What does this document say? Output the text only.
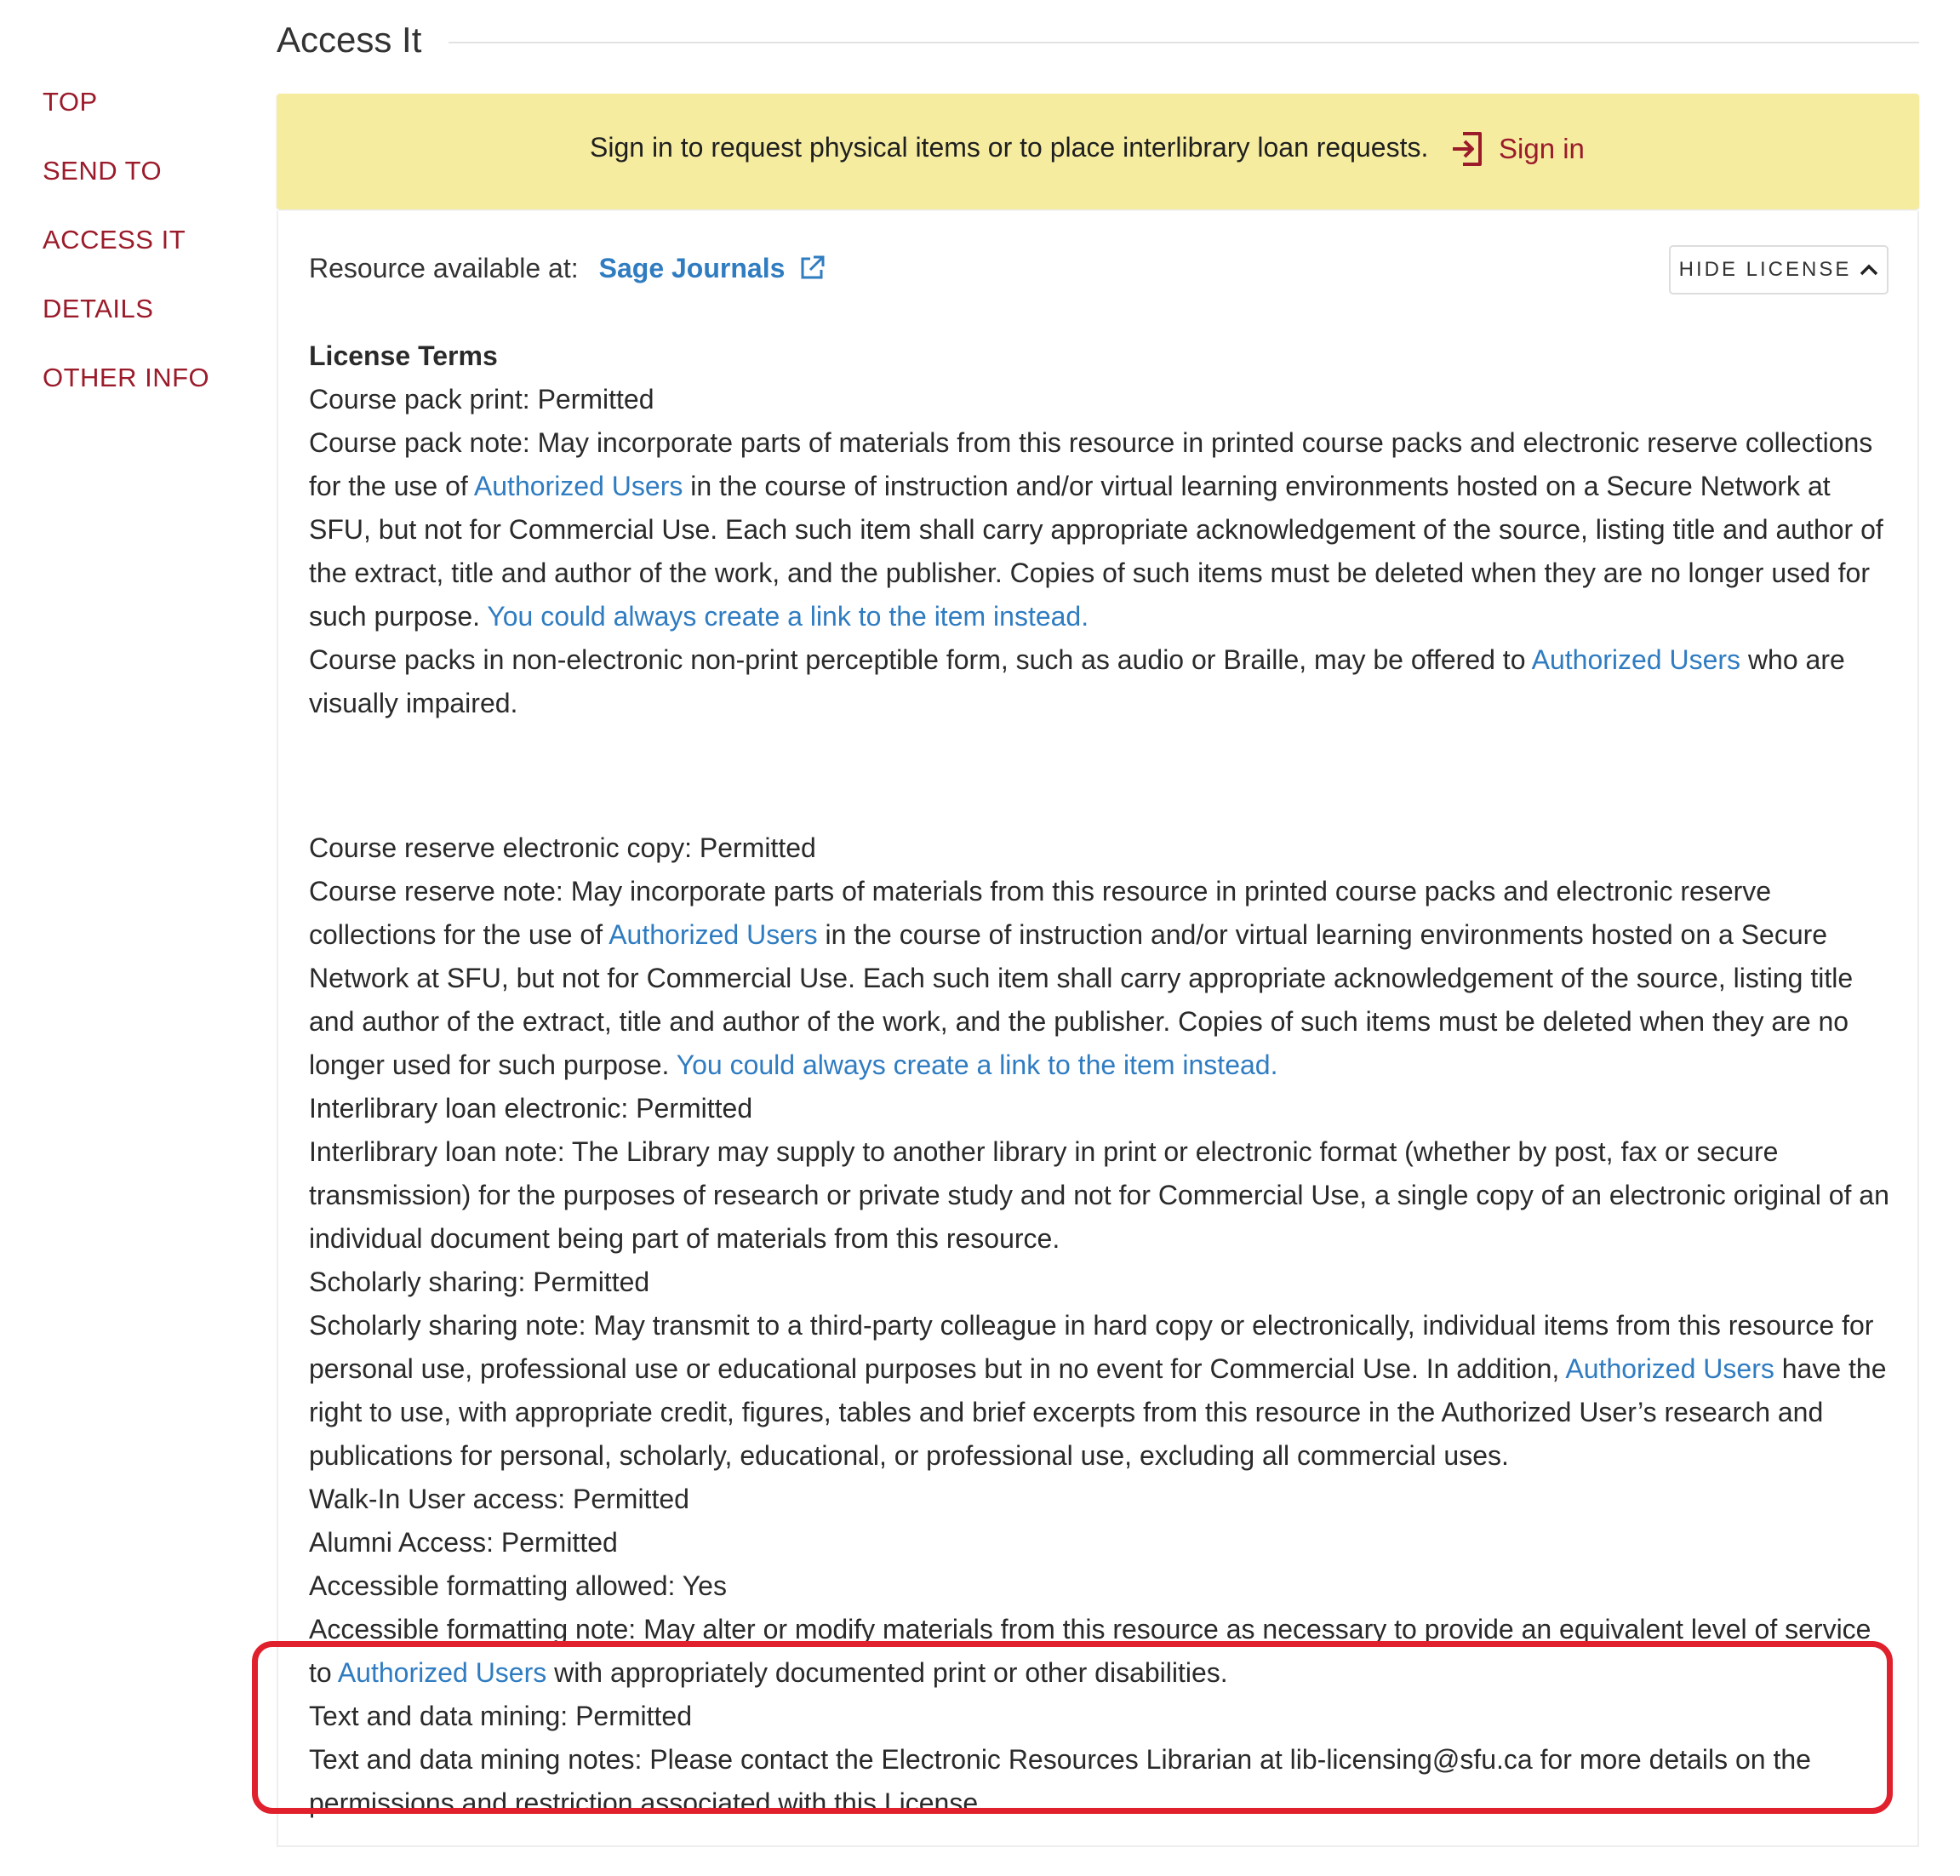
TOP
SEND TO
ACCESS IT
DETAILS
OTHER INFO
Access It
Sign in to request physical items or to place interlibrary loan requests.	Sign in
Resource available at: Sage Journals	HIDE LICENSE

License Terms

Course pack print: Permitted

Course pack note: May incorporate parts of materials from this resource in printed course packs and electronic reserve collections for the use of Authorized Users in the course of instruction and/or virtual learning environments hosted on a Secure Network at SFU, but not for Commercial Use. Each such item shall carry appropriate acknowledgement of the source, listing title and author of the extract, title and author of the work, and the publisher. Copies of such items must be deleted when they are no longer used for such purpose. You could always create a link to the item instead.

Course packs in non-electronic non-print perceptible form, such as audio or Braille, may be offered to Authorized Users who are visually impaired.

Course reserve electronic copy: Permitted

Course reserve note: May incorporate parts of materials from this resource in printed course packs and electronic reserve collections for the use of Authorized Users in the course of instruction and/or virtual learning environments hosted on a Secure Network at SFU, but not for Commercial Use. Each such item shall carry appropriate acknowledgement of the source, listing title and author of the extract, title and author of the work, and the publisher. Copies of such items must be deleted when they are no longer used for such purpose. You could always create a link to the item instead.

Interlibrary loan electronic: Permitted

Interlibrary loan note: The Library may supply to another library in print or electronic format (whether by post, fax or secure transmission) for the purposes of research or private study and not for Commercial Use, a single copy of an electronic original of an individual document being part of materials from this resource.

Scholarly sharing: Permitted

Scholarly sharing note: May transmit to a third-party colleague in hard copy or electronically, individual items from this resource for personal use, professional use or educational purposes but in no event for Commercial Use. In addition, Authorized Users have the right to use, with appropriate credit, figures, tables and brief excerpts from this resource in the Authorized User’s research and publications for personal, scholarly, educational, or professional use, excluding all commercial uses.

Walk-In User access: Permitted

Alumni Access: Permitted

Accessible formatting allowed: Yes

Accessible formatting note: May alter or modify materials from this resource as necessary to provide an equivalent level of service to Authorized Users with appropriately documented print or other disabilities.

Text and data mining: Permitted

Text and data mining notes: Please contact the Electronic Resources Librarian at lib-licensing@sfu.ca for more details on the permissions and restriction associated with this License.
